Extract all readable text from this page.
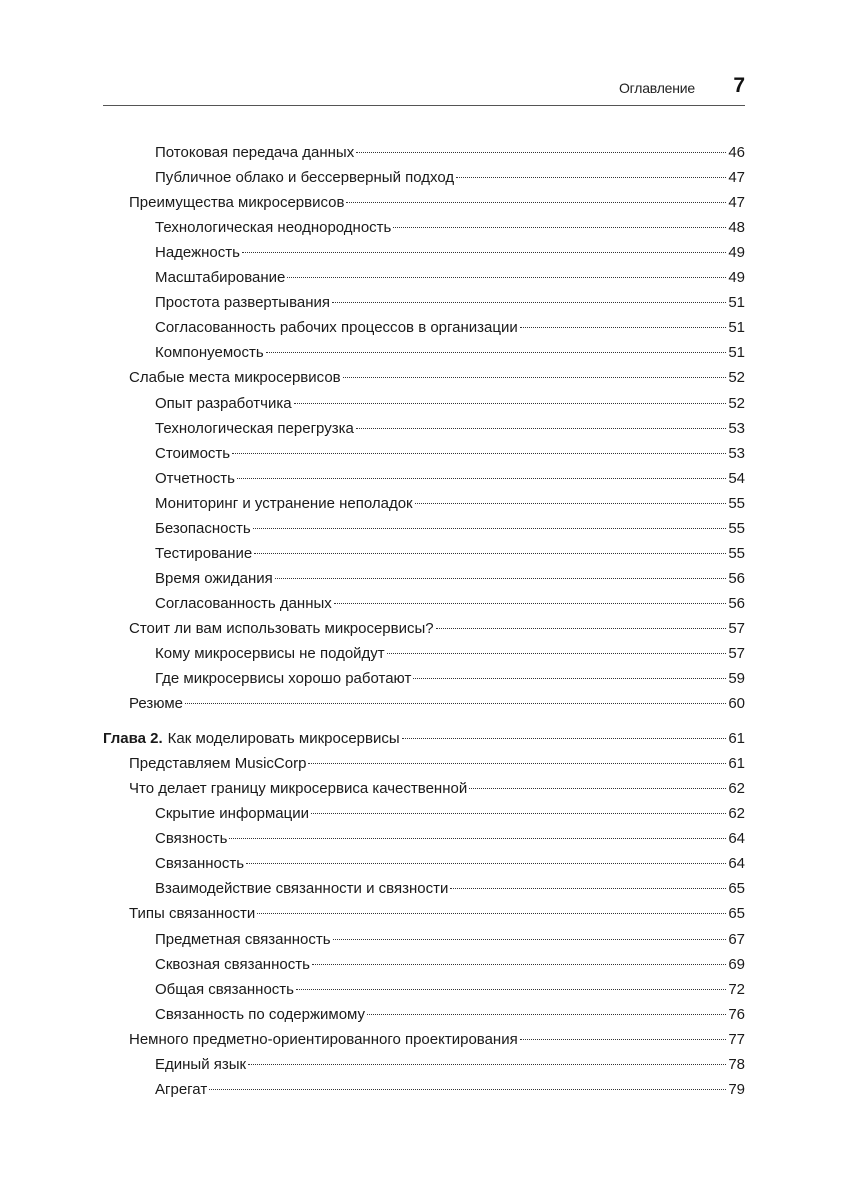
Оглавление 7
Потоковая передача данных	46
Публичное облако и бессерверный подход	47
Преимущества микросервисов	47
Технологическая неоднородность	48
Надежность	49
Масштабирование	49
Простота развертывания	51
Согласованность рабочих процессов в организации	51
Компонуемость	51
Слабые места микросервисов	52
Опыт разработчика	52
Технологическая перегрузка	53
Стоимость	53
Отчетность	54
Мониторинг и устранение неполадок	55
Безопасность	55
Тестирование	55
Время ожидания	56
Согласованность данных	56
Стоит ли вам использовать микросервисы?	57
Кому микросервисы не подойдут	57
Где микросервисы хорошо работают	59
Резюме	60
Глава 2. Как моделировать микросервисы	61
Представляем MusicCorp	61
Что делает границу микросервиса качественной	62
Скрытие информации	62
Связность	64
Связанность	64
Взаимодействие связанности и связности	65
Типы связанности	65
Предметная связанность	67
Сквозная связанность	69
Общая связанность	72
Связанность по содержимому	76
Немного предметно-ориентированного проектирования	77
Единый язык	78
Агрегат	79
